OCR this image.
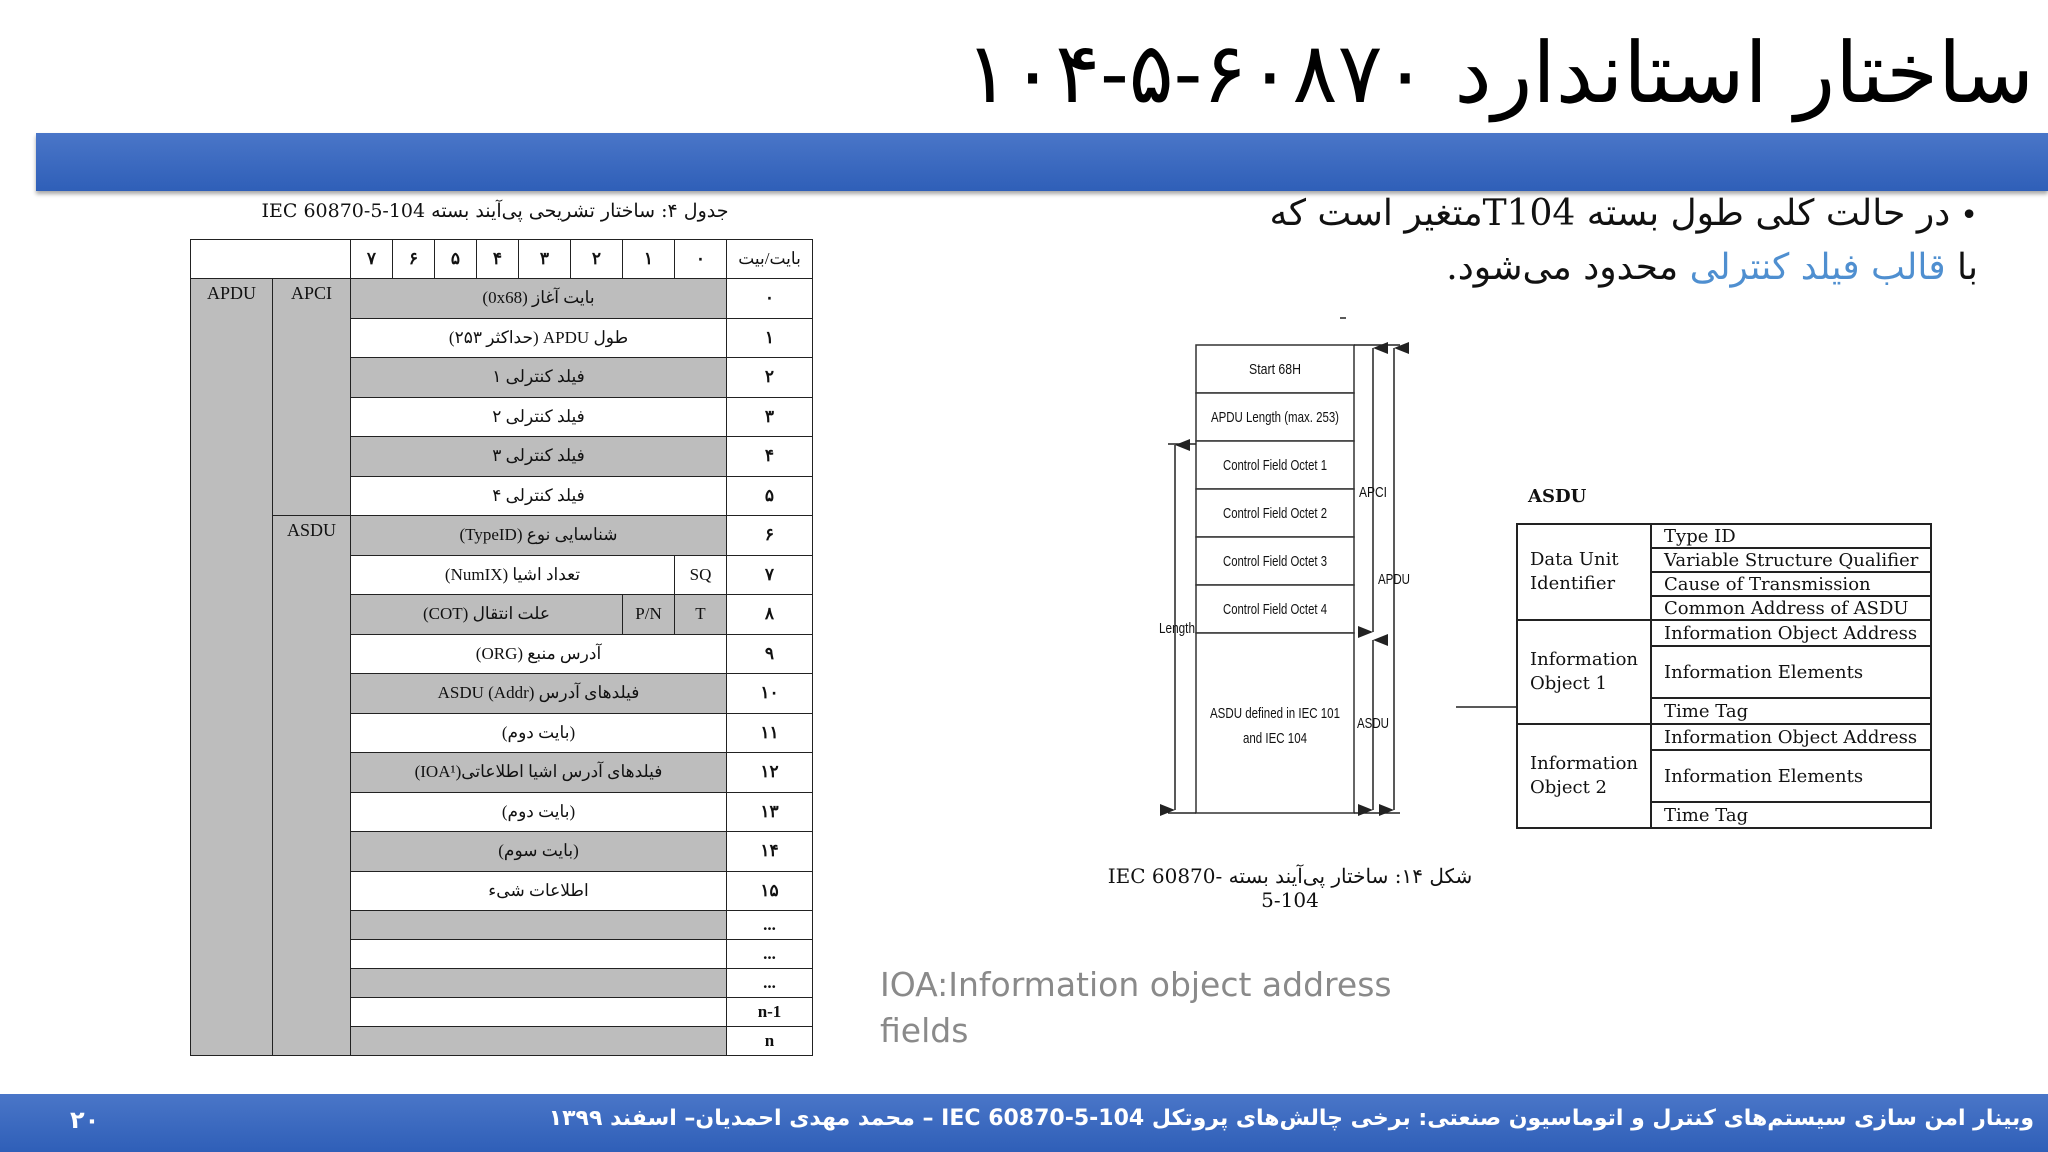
ساختار استاندارد ۶۰۸۷۰-۵-۱۰۴
•در حالت کلی طول بسته T104متغیر است که
با قالب فیلد کنترلی محدود می‌شود.
جدول ۴: ساختار تشریحی پی‌آیند بسته IEC 60870-5-104
		۷	۶	۵	۴	۳	۲	۱	۰	بایت/بیت
APDU	APCI	بایت آغاز (0x68)								۰
		طول APDU (حداکثر ۲۵۳)								۱
		فیلد کنترلی ۱								۲
		فیلد کنترلی ۲								۳
		فیلد کنترلی ۳								۴
		فیلد کنترلی ۴								۵
	ASDU	شناسایی نوع (TypeID)								۶
		تعداد اشیا (NumIX)							SQ	۷
		علت انتقال (COT)						P/N	T	۸
		آدرس منبع (ORG)								۹
		فیلدهای آدرس ASDU (Addr)								۱۰
		(بایت دوم)								۱۱
		فیلدهای آدرس اشیا اطلاعاتی(IOA¹)								۱۲
		(بایت دوم)								۱۳
		(بایت سوم)								۱۴
		اطلاعات شیء								۱۵
										...
										...
										...
										n-1
										n
IOA:Information object address
fields
Start 68H
APDU Length (max. 253)
Control Field Octet 1
Control Field Octet 2
Control Field Octet 3
Control Field Octet 4
ASDU defined in IEC 101
and IEC 104
Length
APCI
APDU
ASDU
شکل ۱۴: ساختار پی‌آیند بسته IEC 60870-5-104
ASDU
Data Unit
Identifier	Type ID
	Variable Structure Qualifier
	Cause of Transmission
	Common Address of ASDU

Information
Object 1	Information Object Address
	Information Elements
	Time Tag

Information
Object 2	Information Object Address
	Information Elements
	Time Tag
۲۰	وبینار امن سازی سیستم‌های کنترل و اتوماسیون صنعتی: برخی چالش‌های پروتکل IEC 60870-5-104 – محمد مهدی احمدیان– اسفند ۱۳۹۹
